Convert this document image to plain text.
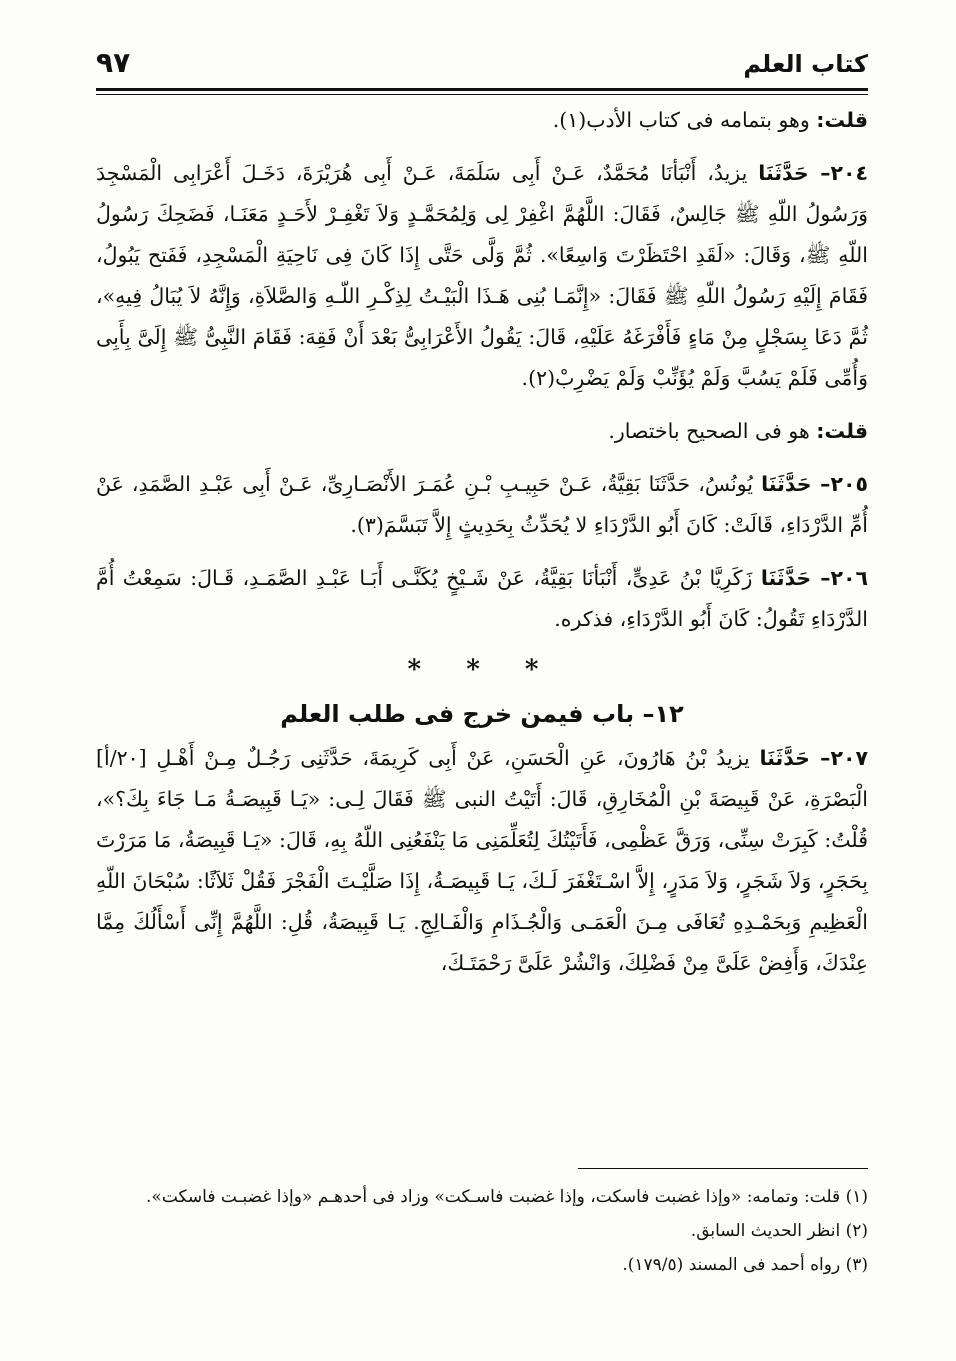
كتاب العلم
٩٧

قلت: وهو بتمامه فى كتاب الأدب(١).

٢٠٤– حَدَّثَنَا يزيدُ، أَنْبَأنَا مُحَمَّدٌ، عَـنْ أَبِى سَلَمَةَ، عَـنْ أَبِى هُرَيْرَةَ، دَخَـلَ أَعْرَابِى الْمَسْجِدَ وَرَسُولُ اللّهِ ﷺ جَالِسٌ، فَقَالَ: اللَّهُمَّ اغْفِرْ لِى وَلِمُحَمَّـدٍ وَلاَ تَغْفِـرْ لأَحَـدٍ مَعَنَـا، فَضَحِكَ رَسُولُ اللّهِ ﷺ، وَقَالَ: «لَقَدِ احْتَظَرْتَ وَاسِعًا». ثُمَّ وَلَّى حَتَّى إِذَا كَانَ فِى نَاحِيَةِ الْمَسْجِدِ، فَفَتح يَبُولُ، فَقَامَ إِلَيْهِ رَسُولُ اللّهِ ﷺ فَقَالَ: «إِنَّمَـا بُنِى هَـذَا الْبَيْـتُ لِذِكْـرِ اللّـهِ وَالصَّلاَةِ، وَإِنَّهُ لاَ يُبَالُ فِيهِ»، ثُمَّ دَعَا بِسَجْلٍ مِنْ مَاءٍ فَأَفْرَغَهُ عَلَيْهِ، قَالَ: يَقُولُ الأَعْرَابِىُّ بَعْدَ أَنْ فَقِهَ: فَقَامَ النَّبِىُّ ﷺ إِلَىَّ بِأَبِى وَأُمِّى فَلَمْ يَسُبَّ وَلَمْ يُؤَنِّبْ وَلَمْ يَضْرِبْ(٢).

قلت: هو فى الصحيح باختصار.

٢٠٥– حَدَّثَنَا يُونُسُ، حَدَّثَنَا بَقِيَّةُ، عَـنْ حَبِيـبِ بْـنِ عُمَـرَ الأَنْصَـارِىِّ، عَـنْ أَبِى عَبْـدِ الصَّمَدِ، عَنْ أُمِّ الدَّرْدَاءِ، قَالَتْ: كَانَ أَبُو الدَّرْدَاءِ لا يُحَدِّثُ بِحَدِيثٍ إِلاَّ تَبَسَّمَ(٣).

٢٠٦– حَدَّثَنَا زَكَرِيَّا بْنُ عَدِىٍّ، أَنْبَأنَا بَقِيَّةُ، عَنْ شَـيْخٍ يُكَنَّـى أَبَـا عَبْـدِ الصَّمَـدِ، قَـالَ: سَمِعْتُ أُمَّ الدَّرْدَاءِ تَقُولُ: كَانَ أَبُو الدَّرْدَاءِ، فذكره.

* * *
١٢– باب فيمن خرج فى طلب العلم

٢٠٧– حَدَّثَنَا يزيدُ بْنُ هَارُونَ، عَنِ الْحَسَنِ، عَنْ أَبِى كَرِيمَةَ، حَدَّثَنِى رَجُـلٌ مِـنْ أَهْـلِ [٢٠/أ] الْبَصْرَةِ، عَنْ قَبِيصَةَ بْنِ الْمُخَارِقِ، قَالَ: أَتَيْتُ النبى ﷺ فَقَالَ لِـى: «يَـا قَبِيصَـةُ مَـا جَاءَ بِكَ؟»، قُلْتُ: كَبِرَتْ سِنِّى، وَرَقَّ عَظْمِى، فَأَتَيْتُكَ لِتُعَلِّمَنِى مَا يَنْفَعُنِى اللّهُ بِهِ، قَالَ: «يَـا قَبِيصَةُ، مَا مَرَرْتَ بِحَجَرٍ، وَلاَ شَجَرٍ، وَلاَ مَدَرٍ، إِلاَّ اسْـتَغْفَرَ لَـكَ، يَـا قَبِيصَـةُ، إِذَا صَلَّيْـتَ الْفَجْرَ فَقُلْ ثَلاَثًا: سُبْحَانَ اللّهِ الْعَظِيمِ وَبِحَمْـدِهِ تُعَافَى مِـنَ الْعَمَـى وَالْجُـذَامِ وَالْفَـالِجِ. يَـا قَبِيصَةُ، قُلِ: اللَّهُمَّ إِنِّى أَسْأَلُكَ مِمَّا عِنْدَكَ، وَأَفِضْ عَلَىَّ مِنْ فَضْلِكَ، وَانْشُرْ عَلَىَّ رَحْمَتَـكَ،

(١) قلت: وتمامه: «وإذا غضبت فاسكت، وإذا غضبت فاسـكت» وزاد فى أحدهـم «وإذا غضبـت فاسكت».

(٢) انظر الحديث السابق.

(٣) رواه أحمد فى المسند (١٧٩/٥).
